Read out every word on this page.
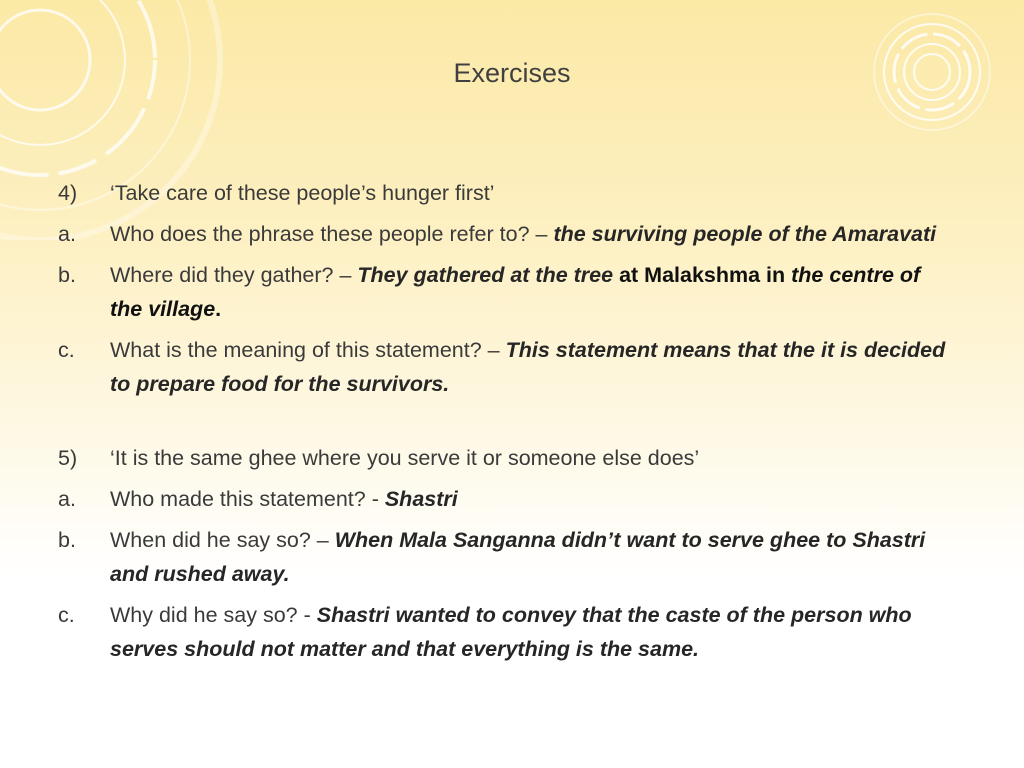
Exercises
4)	‘Take care of these people’s hunger first’
a.	Who does the phrase these people refer to? – the surviving people of the Amaravati
b.	Where did they gather? – They gathered at the tree at Malakshma in the centre of the village.
c.	What is the meaning of this statement? – This statement means that the it is decided to prepare food for the survivors.
5)	‘It is the same ghee where you serve it or someone else does’
a.	Who made this statement? - Shastri
b.	When did he say so? – When Mala Sanganna didn’t want to serve ghee to Shastri and rushed away.
c.	Why did he say so? - Shastri wanted to convey that the caste of the person who serves should not matter and that everything is the same.
